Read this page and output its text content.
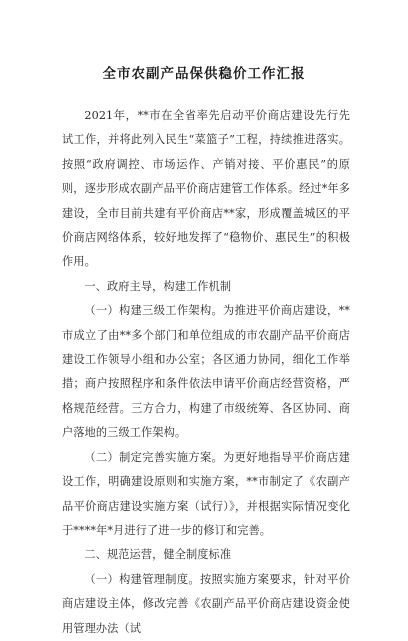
全市农副产品保供稳价工作汇报

2021年，**市在全省率先启动平价商店建设先行先试工作，并将此列入民生“菜篮子”工程，持续推进落实。按照“政府调控、市场运作、产销对接、平价惠民”的原则，逐步形成农副产品平价商店建管工作体系。经过*年多建设，全市目前共建有平价商店**家，形成覆盖城区的平价商店网络体系，较好地发挥了“稳物价、惠民生”的积极作用。

一、政府主导，构建工作机制

（一）构建三级工作架构。为推进平价商店建设，**市成立了由**多个部门和单位组成的市农副产品平价商店建设工作领导小组和办公室；各区通力协同，细化工作举措；商户按照程序和条件依法申请平价商店经营资格，严格规范经营。三方合力，构建了市级统筹、各区协同、商户落地的三级工作架构。

（二）制定完善实施方案。为更好地指导平价商店建设工作，明确建设原则和实施方案，**市制定了《农副产品平价商店建设实施方案（试行）》，并根据实际情况变化于****年*月进行了进一步的修订和完善。

二、规范运营，健全制度标准

（一）构建管理制度。按照实施方案要求，针对平价商店建设主体，修改完善《农副产品平价商店建设资金使用管理办法（试
